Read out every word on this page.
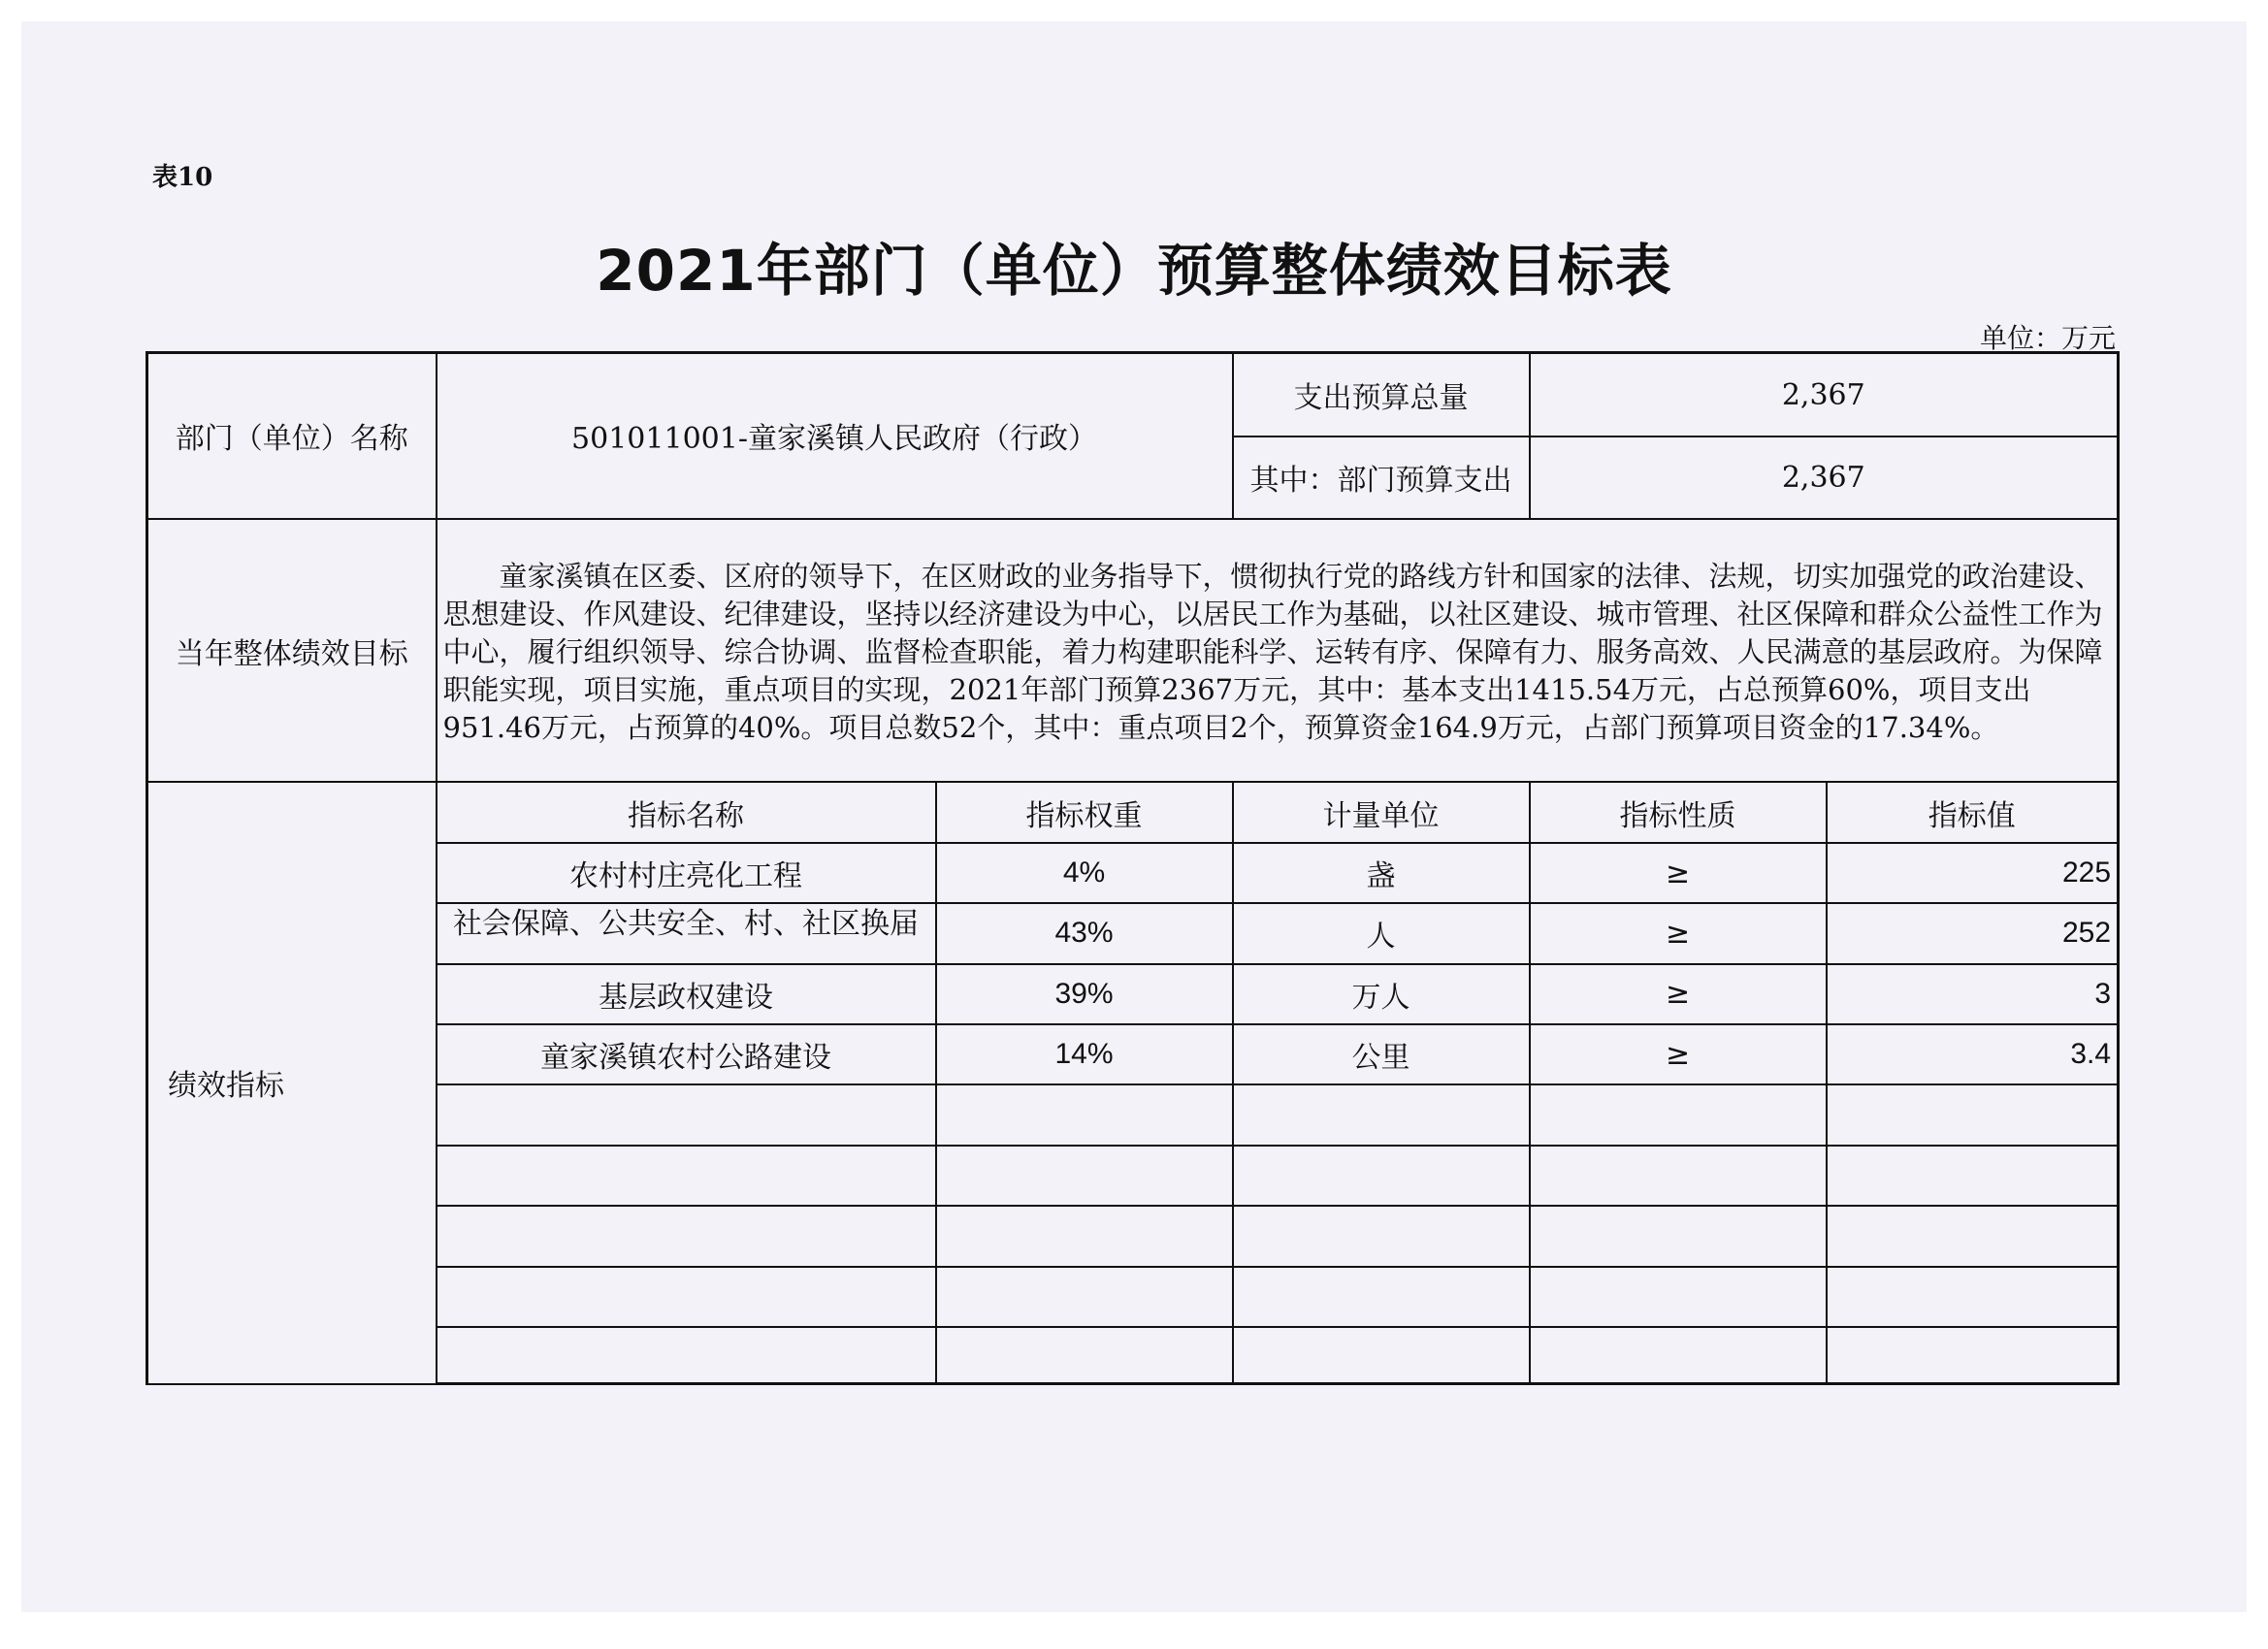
表10
2021年部门（单位）预算整体绩效目标表
单位：万元
部门（单位）名称	501011001-童家溪镇人民政府（行政）		支出预算总量	2,367	
			其中：部门预算支出	2,367	
当年整体绩效目标	童家溪镇在区委、区府的领导下，在区财政的业务指导下，惯彻执行党的路线方针和国家的法律、法规，切实加强党的政治建设、思想建设、作风建设、纪律建设，坚持以经济建设为中心，以居民工作为基础，以社区建设、城市管理、社区保障和群众公益性工作为中心，履行组织领导、综合协调、监督检查职能，着力构建职能科学、运转有序、保障有力、服务高效、人民满意的基层政府。为保障职能实现，项目实施，重点项目的实现，2021年部门预算2367万元，其中：基本支出1415.54万元，占总预算60%，项目支出951.46万元，占预算的40%。项目总数52个，其中：重点项目2个，预算资金164.9万元，占部门预算项目资金的17.34%。				
绩效指标	指标名称	指标权重	计量单位	指标性质	指标值
	农村村庄亮化工程	4%	盏	≥	225

	社会保障、公共安全、村、社区换届	43%	人	≥	252
	基层政权建设	39%	万人	≥	3
	童家溪镇农村公路建设	14%	公里	≥	3.4
